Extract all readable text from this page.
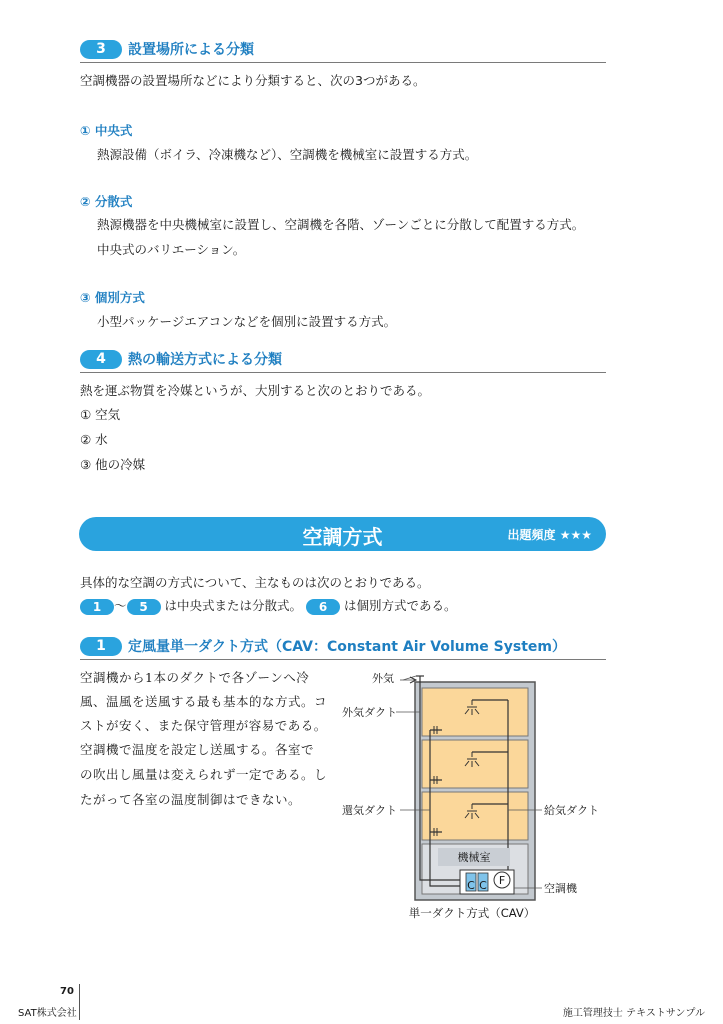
3	設置場所による分類
空調機器の設置場所などにより分類すると、次の3つがある。
① 中央式
熱源設備（ボイラ、冷凍機など）、空調機を機械室に設置する方式。
② 分散式
熱源機器を中央機械室に設置し、空調機を各階、ゾーンごとに分散して配置する方式。
中央式のバリエーション。
③ 個別方式
小型パッケージエアコンなどを個別に設置する方式。
4	熱の輸送方式による分類
熱を運ぶ物質を冷媒というが、大別すると次のとおりである。
① 空気
② 水
③ 他の冷媒
空調方式	出題頻度 ★★★
具体的な空調の方式について、主なものは次のとおりである。
1 ～ 5 は中央式または分散式。 6 は個別方式である。
1	定風量単一ダクト方式（CAV：Constant Air Volume System）
空調機から1本のダクトで各ゾーンへ冷
風、温風を送風する最も基本的な方式。コ
ストが安く、また保守管理が容易である。
空調機で温度を設定し送風する。各室で
の吹出し風量は変えられず一定である。し
たがって各室の温度制御はできない。
C C F
機械室
外気
外気ダクト
還気ダクト	給気ダクト
空調機
単一ダクト方式（CAV）
70
SAT株式会社	施工管理技士 テキストサンプル
